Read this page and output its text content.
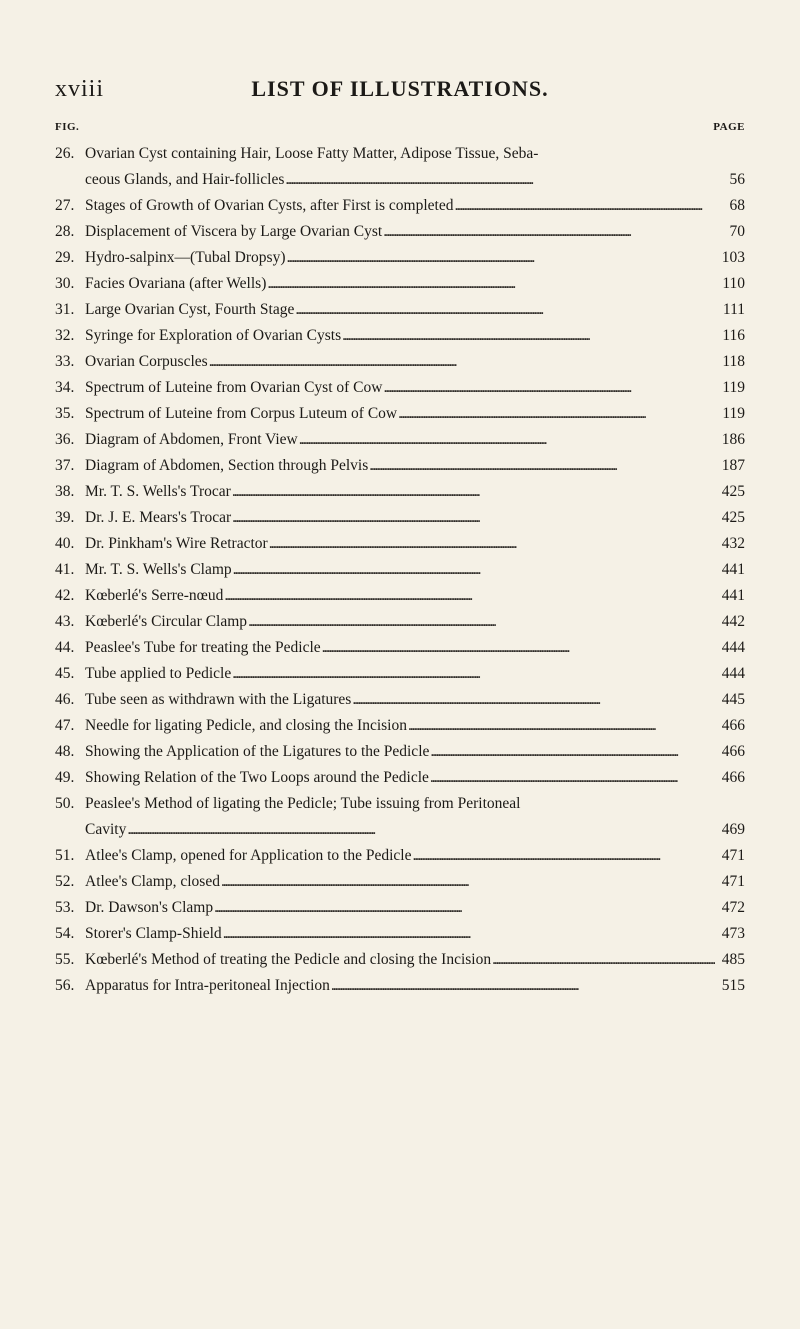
xviii	LIST OF ILLUSTRATIONS.
FIG.	PAGE
26. Ovarian Cyst containing Hair, Loose Fatty Matter, Adipose Tissue, Seba-
ceous Glands, and Hair-follicles . . .	56
27. Stages of Growth of Ovarian Cysts, after First is completed . . .	68
28. Displacement of Viscera by Large Ovarian Cyst . . .	70
29. Hydro-salpinx—(Tubal Dropsy) . . .	103
30. Facies Ovariana (after Wells) . . .	110
31. Large Ovarian Cyst, Fourth Stage . . .	111
32. Syringe for Exploration of Ovarian Cysts . . .	116
33. Ovarian Corpuscles . . .	118
34. Spectrum of Luteine from Ovarian Cyst of Cow . . .	119
35. Spectrum of Luteine from Corpus Luteum of Cow . . .	119
36. Diagram of Abdomen, Front View . . .	186
37. Diagram of Abdomen, Section through Pelvis . . .	187
38. Mr. T. S. Wells's Trocar . . .	425
39. Dr. J. E. Mears's Trocar . . .	425
40. Dr. Pinkham's Wire Retractor . . .	432
41. Mr. T. S. Wells's Clamp . . .	441
42. Kœberlé's Serre-nœud . . .	441
43. Kœberlé's Circular Clamp . . .	442
44. Peaslee's Tube for treating the Pedicle . . .	444
45. Tube applied to Pedicle . . .	444
46. Tube seen as withdrawn with the Ligatures . . .	445
47. Needle for ligating Pedicle, and closing the Incision . . .	466
48. Showing the Application of the Ligatures to the Pedicle . . .	466
49. Showing Relation of the Two Loops around the Pedicle . . .	466
50. Peaslee's Method of ligating the Pedicle; Tube issuing from Peritoneal
Cavity . . .	469
51. Atlee's Clamp, opened for Application to the Pedicle . . .	471
52. Atlee's Clamp, closed . . .	471
53. Dr. Dawson's Clamp . . .	472
54. Storer's Clamp-Shield . . .	473
55. Kœberlé's Method of treating the Pedicle and closing the Incision . . .	485
56. Apparatus for Intra-peritoneal Injection . . .	515
